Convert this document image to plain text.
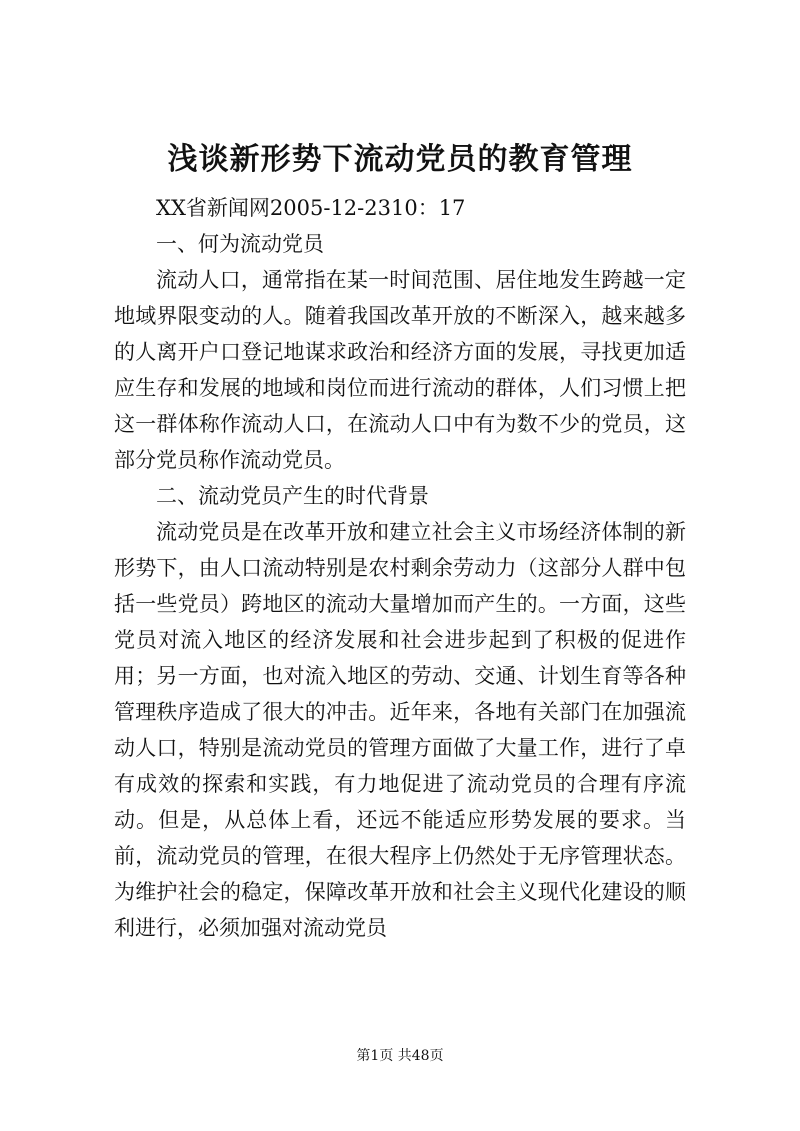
浅谈新形势下流动党员的教育管理

XX省新闻网2005-12-2310：17

一、何为流动党员

流动人口，通常指在某一时间范围、居住地发生跨越一定地域界限变动的人。随着我国改革开放的不断深入，越来越多的人离开户口登记地谋求政治和经济方面的发展，寻找更加适应生存和发展的地域和岗位而进行流动的群体，人们习惯上把这一群体称作流动人口，在流动人口中有为数不少的党员，这部分党员称作流动党员。

二、流动党员产生的时代背景

流动党员是在改革开放和建立社会主义市场经济体制的新形势下，由人口流动特别是农村剩余劳动力（这部分人群中包括一些党员）跨地区的流动大量增加而产生的。一方面，这些党员对流入地区的经济发展和社会进步起到了积极的促进作用；另一方面，也对流入地区的劳动、交通、计划生育等各种管理秩序造成了很大的冲击。近年来，各地有关部门在加强流动人口，特别是流动党员的管理方面做了大量工作，进行了卓有成效的探索和实践，有力地促进了流动党员的合理有序流动。但是，从总体上看，还远不能适应形势发展的要求。当前，流动党员的管理，在很大程序上仍然处于无序管理状态。为维护社会的稳定，保障改革开放和社会主义现代化建设的顺利进行，必须加强对流动党员

第1页 共48页
